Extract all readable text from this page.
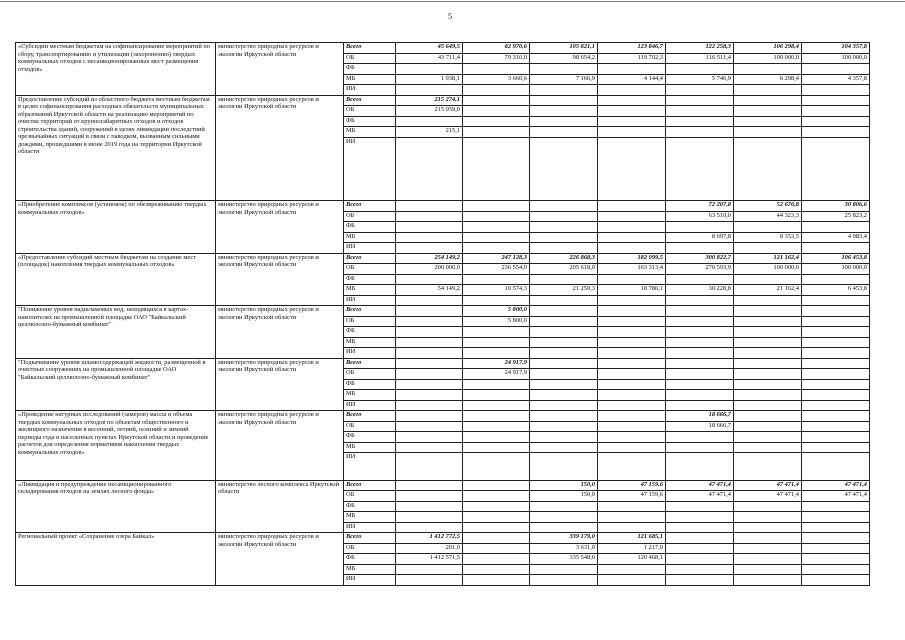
5
«Субсидии местным бюджетам на софинансирование мероприятий по сбору, транспортированию и утилизации (захоронению) твердых коммунальных отходов с несанкционированных мест размещения отходов»	министерство природных ресурсов и экологии Иркутской области	Всего	45 649,5	82 970,6	105 821,1	123 846,7	122 258,3	106 298,4	104 357,8
		ОБ	43 711,4	79 310,0	98 654,2	119 702,3	116 511,4	100 000,0	100 000,0
		ФБ							
		МБ	1 938,1	3 660,6	7 166,9	4 144,4	5 746,9	6 298,4	4 357,8
		ИИ							
Предоставление субсидий из областного бюджета местным бюджетам в целях софинансирования расходных обязательств муниципальных образований Иркутской области на реализацию мероприятий по очистке территорий от крупногабаритных отходов и отходов строительства зданий, сооружений в целях ликвидации последствий чрезвычайных ситуаций в связи с паводком, вызванным сильными дождями, прошедшими в июне 2019 года на территории Иркутской области	министерство природных ресурсов и экологии Иркутской области	Всего	215 274,1						
		ОБ	215 059,0						
		ФБ							
		МБ	215,1						
		ИИ							
«Приобретение комплексов (установок) по обезвреживанию твердых коммунальных отходов»	министерство природных ресурсов и экологии Иркутской области	Всего					72 207,8	52 676,8	30 806,6
		ОБ					63 510,0	44 323,3	25 823,2
		ФБ							
		МБ					8 697,8	8 353,5	4 983,4
		ИИ							
«Предоставление субсидий местным бюджетам на создание мест (площадок) накопления твердых коммунальных отходов»	министерство природных ресурсов и экологии Иркутской области	Всего	254 149,2	247 128,3	226 868,3	182 099,5	300 822,7	121 162,4	106 453,8
		ОБ	200 000,0	236 554,0	205 618,0	163 313,4	270 593,9	100 000,0	100 000,0
		ФБ							
		МБ	54 149,2	10 574,3	21 250,3	18 786,1	30 228,8	21 162,4	6 453,8
		ИИ							
"Понижение уровня надшламовых вод, находящихся в картах-накопителях на промышленной площадке ОАО "Байкальский целлюлозно-бумажный комбинат"	министерство природных ресурсов и экологии Иркутской области	Всего		5 800,0					
		ОБ		5 800,0					
		ФБ							
		МБ							
		ИИ							
"Подкачивание уровня шламосодержащей жидкости, размещенной в очистных сооружениях на промышленной площадке ОАО "Байкальский целлюлозно-бумажный комбинат"	министерство природных ресурсов и экологии Иркутской области	Всего		24 917,9					
		ОБ		24 917,9					
		ФБ							
		МБ							
		ИИ							
«Проведение натурных исследований (замеров) массы и объема твердых коммунальных отходов по объектам общественного и жилищного назначения в весенний, летний, осенний и зимний периоды года в населенных пунктах Иркутской области и проведение расчетов для определения нормативов накопления твердых коммунальных отходов»	министерство природных ресурсов и экологии Иркутской области	Всего					18 666,7		
		ОБ					18 666,7		
		ФБ							
		МБ							
		ИИ							
«Ликвидация и предупреждение несанкционированного складирования отходов на землях лесного фонда»	министерство лесного комплекса Иркутской области	Всего			150,0	47 159,6	47 471,4	47 471,4	47 471,4
		ОБ			150,0	47 159,6	47 471,4	47 471,4	47 471,4
		ФБ							
		МБ							
		ИИ							
Региональный проект «Сохранение озера Байкал»	министерство природных ресурсов и экологии Иркутской области	Всего	1 412 772,5		339 179,0	121 685,1			
		ОБ	201,0		3 631,0	1 217,0			
		ФБ	1 412 571,5		335 548,0	120 468,1			
		МБ							
		ИИ							
